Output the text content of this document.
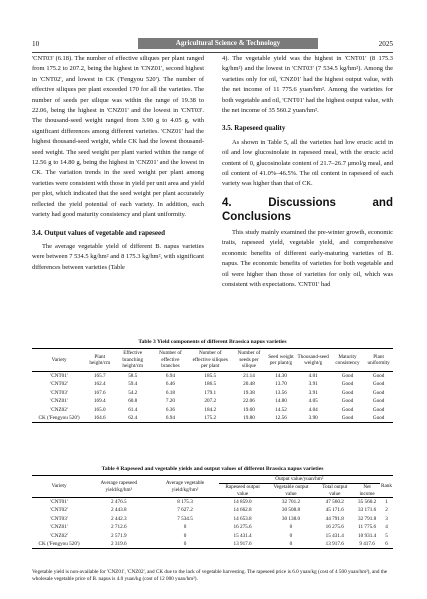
10	Agricultural Science & Technology	2025

'CNT03' (6.18). The number of effective siliques per plant ranged from 175.2 to 207.2, being the highest in 'CNZ01', second highest in 'CNT02', and lowest in CK ('Fengyou 520'). The number of effective siliques per plant exceeded 170 for all the varieties. The number of seeds per silique was within the range of 19.38 to 22.06, being the highest in 'CNZ01' and the lowest in 'CNT03'. The thousand-seed weight ranged from 3.90 g to 4.05 g, with significant differences among different varieties. 'CNZ01' had the highest thousand-seed weight, while CK had the lowest thousand-seed weight. The seed weight per plant varied within the range of 12.56 g to 14.80 g, being the highest in 'CNZ01' and the lowest in CK. The variation trends in the seed weight per plant among varieties were consistent with those in yield per unit area and yield per plot, which indicated that the seed weight per plant accurately reflected the yield potential of each variety. In addition, each variety had good maturity consistency and plant uniformity.

3.4. Output values of vegetable and rapeseed

The average vegetable yield of different B. napus varieties were between 7 534.5 kg/hm² and 8 175.3 kg/hm², with significant differences between varieties (Table

4). The vegetable yield was the highest in 'CNT01' (8 175.3 kg/hm²) and the lowest in 'CNT03' (7 534.5 kg/hm²). Among the varieties only for oil, 'CNZ01' had the highest output value, with the net income of 11 775.6 yuan/hm². Among the varieties for both vegetable and oil, 'CNT01' had the highest output value, with the net income of 35 560.2 yuan/hm².

3.5. Rapeseed quality

As shown in Table 5, all the varieties had low erucic acid in oil and low glucosinolate in rapeseed meal, with the erucic acid content of 0, glucosinolate content of 21.7–26.7 μmol/g meal, and oil content of 41.0%–46.5%. The oil content in rapeseed of each variety was higher than that of CK.

4. Discussions and Conclusions

This study mainly examined the pre-winter growth, economic traits, rapeseed yield, vegetable yield, and comprehensive economic benefits of different early-maturing varieties of B. napus. The economic benefits of varieties for both vegetable and oil were higher than those of varieties for only oil, which was consistent with expectations. 'CNT01' had

Table 3 Yield components of different Brassica napus varieties
Variety	Plant height/cm	Effective branching height/cm	Number of effective branches	Number of effective siliques per plant	Number of seeds per silique	Seed weight per plant/g	Thousand-seed weight/g	Maturity consistency	Plant uniformity
'CNT01'	165.7	58.5	6.94	185.5	21.14	14.30	4.01	Good	Good
'CNT02'	162.4	59.4	6.46	186.5	20.48	13.70	3.91	Good	Good
'CNT03'	167.6	54.2	6.18	179.1	19.38	13.56	3.91	Good	Good
'CNZ01'	169.4	60.8	7.20	207.2	22.06	14.80	4.05	Good	Good
'CNZ02'	165.0	61.4	6.36	184.2	19.60	14.52	4.04	Good	Good
CK ('Fengyou 520')	164.6	62.4	6.94	175.2	19.80	12.56	3.90	Good	Good
Table 4 Rapeseed and vegetable yields and output values of different Brassica napus varieties
Variety	Average rapeseed yield/kg/hm²	Average vegetable yield/kg/hm²	Output value/yuan/hm²				Rank
			Rapeseed output value	Vegetable output value	Total output value	Net income	
'CNT01'	2 476.5	8 175.3	14 859.0	32 701.2	47 560.2	35 560.2	1
'CNT02'	2 443.8	7 627.2	14 662.8	30 508.8	45 171.6	33 171.6	2
'CNT03'	2 442.3	7 534.5	14 653.8	30 138.0	44 791.8	32 791.8	3
'CNZ01'	2 712.6	0	16 275.6	0	16 275.6	11 775.6	4
'CNZ02'	2 571.9	0	15 431.4	0	15 431.4	10 931.4	5
CK ('Fengyou 520')	2 319.6	0	13 917.6	0	13 917.6	9 417.6	6
Vegetable yield is non-available for 'CNZ01', 'CNZ02', and CK due to the lack of vegetable harvesting. The rapeseed price is 6.0 yuan/kg (cost of 4 500 yuan/hm²), and the wholesale vegetable price of B. napus is 4.0 yuan/kg (cost of 12 000 yuan/hm²).
